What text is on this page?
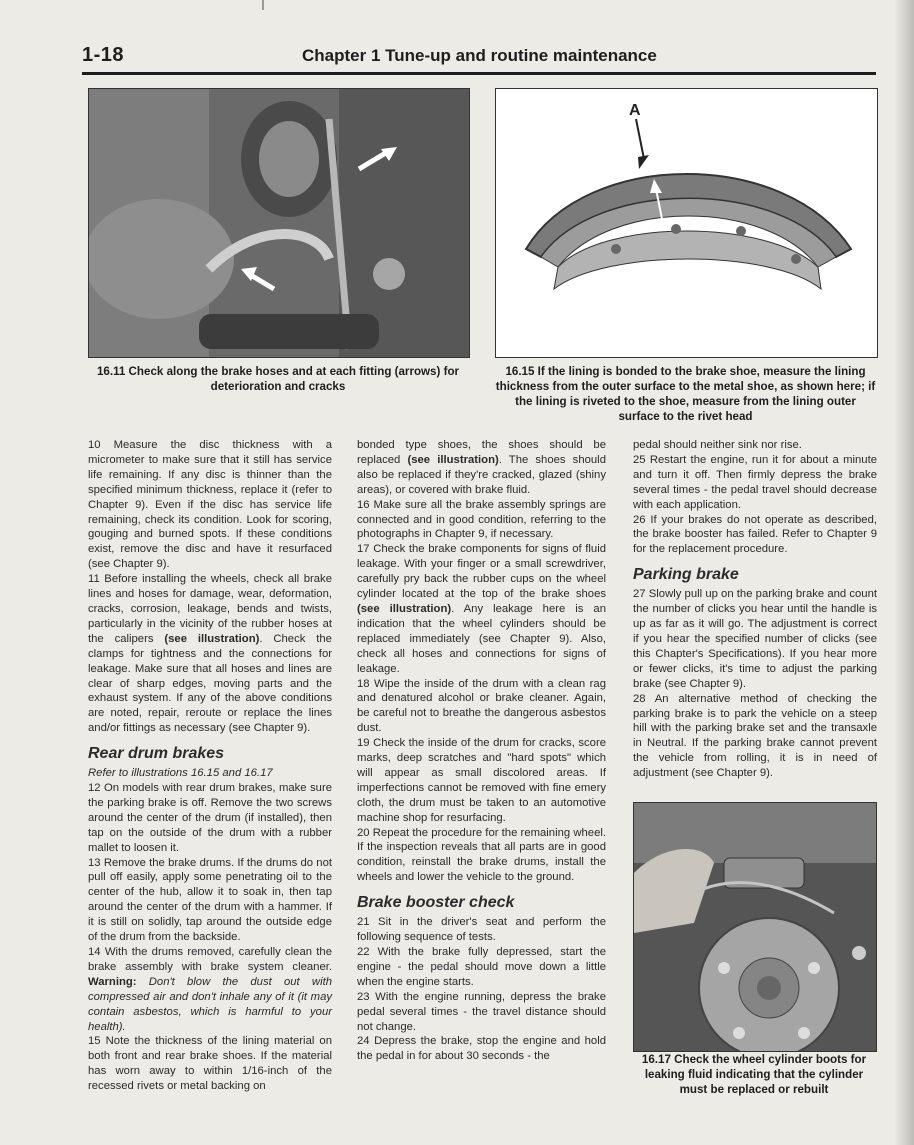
1-18	Chapter 1 Tune-up and routine maintenance
16.11 Check along the brake hoses and at each fitting (arrows) for deterioration and cracks
A
16.15 If the lining is bonded to the brake shoe, measure the lining thickness from the outer surface to the metal shoe, as shown here; if the lining is riveted to the shoe, measure from the lining outer surface to the rivet head

10 Measure the disc thickness with a micrometer to make sure that it still has service life remaining. If any disc is thinner than the specified minimum thickness, replace it (refer to Chapter 9). Even if the disc has service life remaining, check its condition. Look for scoring, gouging and burned spots. If these conditions exist, remove the disc and have it resurfaced (see Chapter 9).

11 Before installing the wheels, check all brake lines and hoses for damage, wear, deformation, cracks, corrosion, leakage, bends and twists, particularly in the vicinity of the rubber hoses at the calipers (see illustration). Check the clamps for tightness and the connections for leakage. Make sure that all hoses and lines are clear of sharp edges, moving parts and the exhaust system. If any of the above conditions are noted, repair, reroute or replace the lines and/or fittings as necessary (see Chapter 9).

Rear drum brakes

Refer to illustrations 16.15 and 16.17

12 On models with rear drum brakes, make sure the parking brake is off. Remove the two screws around the center of the drum (if installed), then tap on the outside of the drum with a rubber mallet to loosen it.

13 Remove the brake drums. If the drums do not pull off easily, apply some penetrating oil to the center of the hub, allow it to soak in, then tap around the center of the drum with a hammer. If it is still on solidly, tap around the outside edge of the drum from the backside.

14 With the drums removed, carefully clean the brake assembly with brake system cleaner. Warning: Don't blow the dust out with compressed air and don't inhale any of it (it may contain asbestos, which is harmful to your health).

15 Note the thickness of the lining material on both front and rear brake shoes. If the material has worn away to within 1/16-inch of the recessed rivets or metal backing on

bonded type shoes, the shoes should be replaced (see illustration). The shoes should also be replaced if they're cracked, glazed (shiny areas), or covered with brake fluid.

16 Make sure all the brake assembly springs are connected and in good condition, referring to the photographs in Chapter 9, if necessary.

17 Check the brake components for signs of fluid leakage. With your finger or a small screwdriver, carefully pry back the rubber cups on the wheel cylinder located at the top of the brake shoes (see illustration). Any leakage here is an indication that the wheel cylinders should be replaced immediately (see Chapter 9). Also, check all hoses and connections for signs of leakage.

18 Wipe the inside of the drum with a clean rag and denatured alcohol or brake cleaner. Again, be careful not to breathe the dangerous asbestos dust.

19 Check the inside of the drum for cracks, score marks, deep scratches and "hard spots" which will appear as small discolored areas. If imperfections cannot be removed with fine emery cloth, the drum must be taken to an automotive machine shop for resurfacing.

20 Repeat the procedure for the remaining wheel. If the inspection reveals that all parts are in good condition, reinstall the brake drums, install the wheels and lower the vehicle to the ground.

Brake booster check

21 Sit in the driver's seat and perform the following sequence of tests.

22 With the brake fully depressed, start the engine - the pedal should move down a little when the engine starts.

23 With the engine running, depress the brake pedal several times - the travel distance should not change.

24 Depress the brake, stop the engine and hold the pedal in for about 30 seconds - the

pedal should neither sink nor rise.

25 Restart the engine, run it for about a minute and turn it off. Then firmly depress the brake several times - the pedal travel should decrease with each application.

26 If your brakes do not operate as described, the brake booster has failed. Refer to Chapter 9 for the replacement procedure.

Parking brake

27 Slowly pull up on the parking brake and count the number of clicks you hear until the handle is up as far as it will go. The adjustment is correct if you hear the specified number of clicks (see this Chapter's Specifications). If you hear more or fewer clicks, it's time to adjust the parking brake (see Chapter 9).

28 An alternative method of checking the parking brake is to park the vehicle on a steep hill with the parking brake set and the transaxle in Neutral. If the parking brake cannot prevent the vehicle from rolling, it is in need of adjustment (see Chapter 9).

16.17 Check the wheel cylinder boots for leaking fluid indicating that the cylinder must be replaced or rebuilt
